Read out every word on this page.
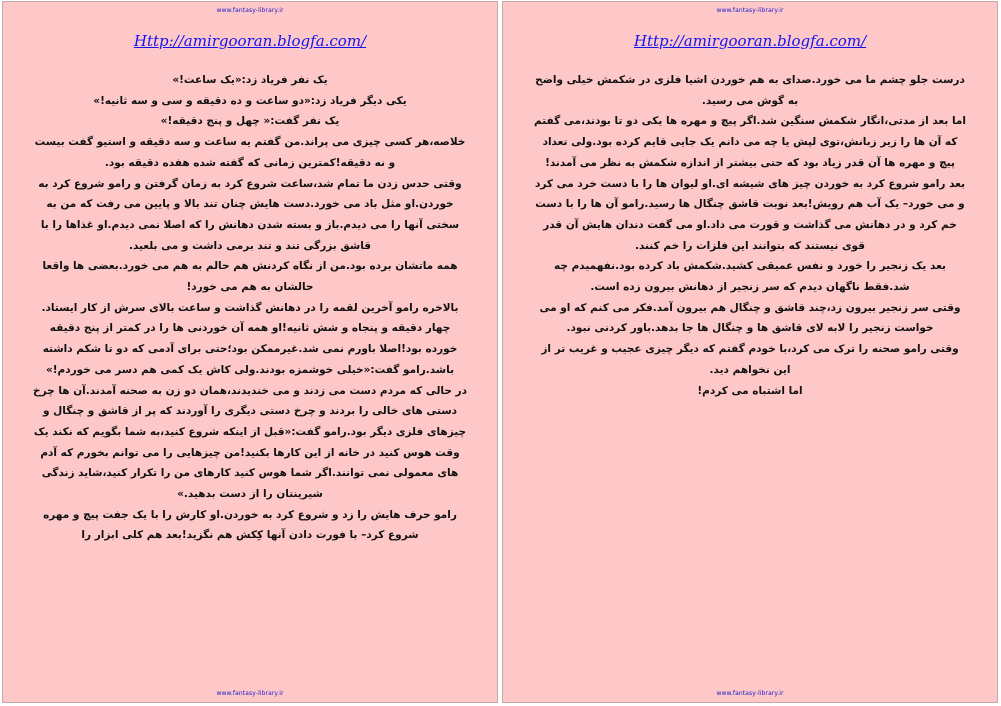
www.fantasy-library.ir
Http://amirgooran.blogfa.com/

یک نفر فریاد زد:«یک ساعت!»

یکی دیگر فریاد زد:«دو ساعت و ده دقیقه و سی و سه ثانیه!»

یک نفر گفت:« چهل و پنج دقیقه!»

خلاصه،هر کسی چیزی می پراند.من گفتم یه ساعت و سه دقیقه و استیو گفت بیست و نه دقیقه!کمترین زمانی که گفته شده هفده دقیقه بود.

وقتی حدس زدن ما تمام شد،ساعت شروع کرد به زمان گرفتن و رامو شروع کرد به خوردن.او مثل باد می خورد.دست هایش چنان تند بالا و پایین می رفت که من به سختی آنها را می دیدم.باز و بسته شدن دهانش را که اصلا نمی دیدم.او غذاها را با قاشق بزرگی تند و تند برمی داشت و می بلعید.

همه ماتشان برده بود.من از نگاه کردنش هم حالم به هم می خورد.بعضی ها واقعا حالشان به هم می خورد!

بالاخره رامو آخرین لقمه را در دهانش گذاشت و ساعت بالای سرش از کار ایستاد.

چهار دقیقه و پنجاه و شش ثانیه!او همه آن خوردنی ها را در کمتر از پنج دقیقه خورده بود!اصلا باورم نمی شد.غیرممکن بود؛حتی برای آدمی که دو تا شکم داشته باشد.رامو گفت:«خیلی خوشمزه بودند.ولی کاش یک کمی هم دسر می خوردم!»

در حالی که مردم دست می زدند و می خندیدند،همان دو زن به صحنه آمدند.آن ها چرخ دستی های خالی را بردند و چرخ دستی دیگری را آوردند که پر از قاشق و چنگال و چیزهای فلزی دیگر بود.رامو گفت:«قبل از اینکه شروع کنید،به شما بگویم که نکند یک وقت هوس کنید در خانه از این کارها بکنید!من چیزهایی را می توانم بخورم که آدم های معمولی نمی توانند.اگر شما هوس کنید کارهای من را تکرار کنید،شاید زندگی شیرینتان را از دست بدهید.»

رامو حرف هایش را زد و شروع کرد به خوردن.او کارش را با یک جفت پیچ و مهره شروع کرد– با فورت دادن آنها کِکش هم نگزید!بعد هم کلی ابزار را

www.fantasy-library.ir
www.fantasy-library.ir
Http://amirgooran.blogfa.com/

درست جلو چشم ما می خورد.صدای به هم خوردن اشیا فلزی در شکمش خیلی واضح به گوش می رسید.

اما بعد از مدتی،انگار شکمش سنگین شد.اگر پیچ و مهره ها یکی دو تا بودند،می گفتم که آن ها را زیر زبانش،توی لپش یا چه می دانم یک جایی قایم کرده بود.ولی تعداد پیچ و مهره ها آن قدر زیاد بود که حتی بیشتر از اندازه شکمش به نظر می آمدند!

بعد رامو شروع کرد به خوردن چیز های شیشه ای.او لیوان ها را با دست خرد می کرد و می خورد– یک آب هم رویش!بعد نوبت قاشق چنگال ها رسید.رامو آن ها را با دست خم کرد و در دهانش می گذاشت و قورت می داد.او می گفت دندان هایش آن قدر قوی نیستند که بتوانند این فلزات را خم کنند.

بعد یک زنجیر را خورد و نفس عمیقی کشید.شکمش باد کرده بود.نفهمیدم چه شد.فقط ناگهان دیدم که سر زنجیر از دهانش بیرون زده است.

وقتی سر زنجیر بیرون زد،چند قاشق و چنگال هم بیرون آمد.فکر می کنم که او می خواست زنجیر را لابه لای قاشق ها و چنگال ها جا بدهد.باور کردنی نبود.

وقتی رامو صحنه را ترک می کرد،با خودم گفتم که دیگر چیزی عجیب و غریب تر از این نخواهم دید.

اما اشتباه می کردم!

www.fantasy-library.ir
